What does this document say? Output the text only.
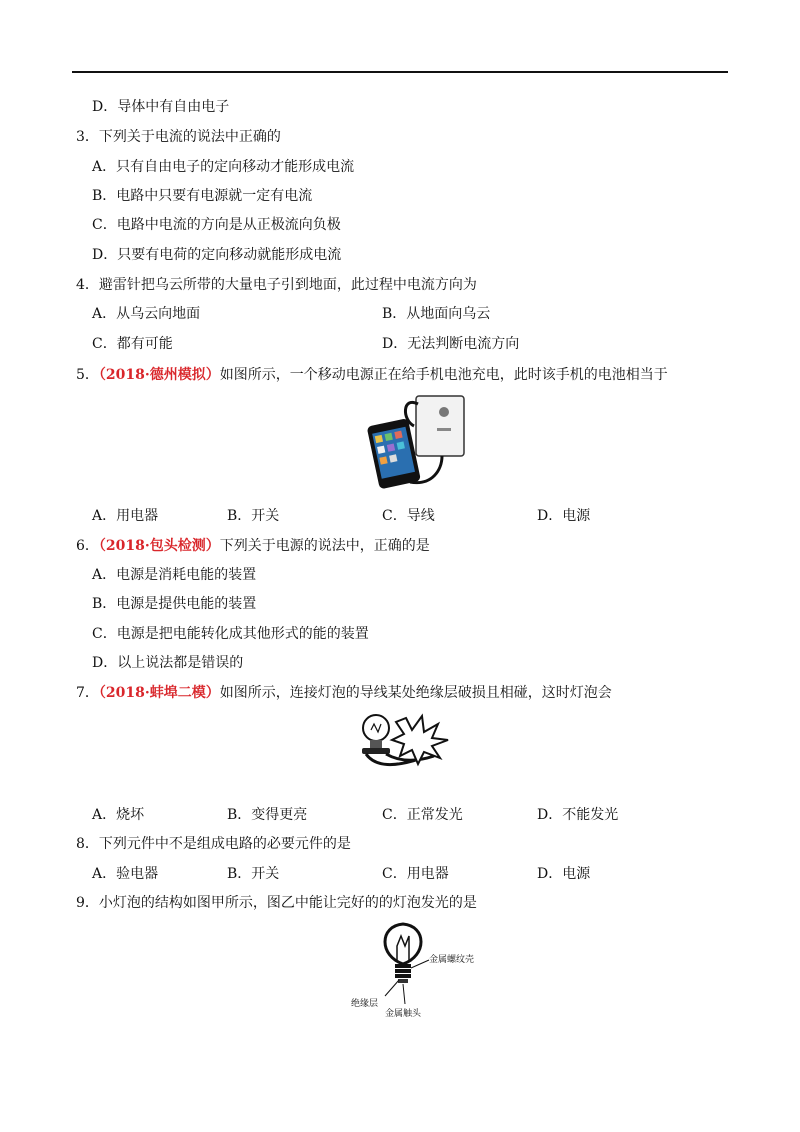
D．导体中有自由电子
3．下列关于电流的说法中正确的
A．只有自由电子的定向移动才能形成电流
B．电路中只要有电源就一定有电流
C．电路中电流的方向是从正极流向负极
D．只要有电荷的定向移动就能形成电流
4．避雷针把乌云所带的大量电子引到地面，此过程中电流方向为
A．从乌云向地面	B．从地面向乌云
C．都有可能	D．无法判断电流方向
5．（2018·德州模拟）如图所示，一个移动电源正在给手机电池充电，此时该手机的电池相当于
A．用电器	B．开关	C．导线	D．电源
6．（2018·包头检测）下列关于电源的说法中，正确的是
A．电源是消耗电能的装置
B．电源是提供电能的装置
C．电源是把电能转化成其他形式的能的装置
D．以上说法都是错误的
7．（2018·蚌埠二模）如图所示，连接灯泡的导线某处绝缘层破损且相碰，这时灯泡会
A．烧坏	B．变得更亮	C．正常发光	D．不能发光
8．下列元件中不是组成电路的必要元件的是
A．验电器	B．开关	C．用电器	D．电源
9．小灯泡的结构如图甲所示，图乙中能让完好的的灯泡发光的是
金属螺纹壳
绝缘层
金属触头
